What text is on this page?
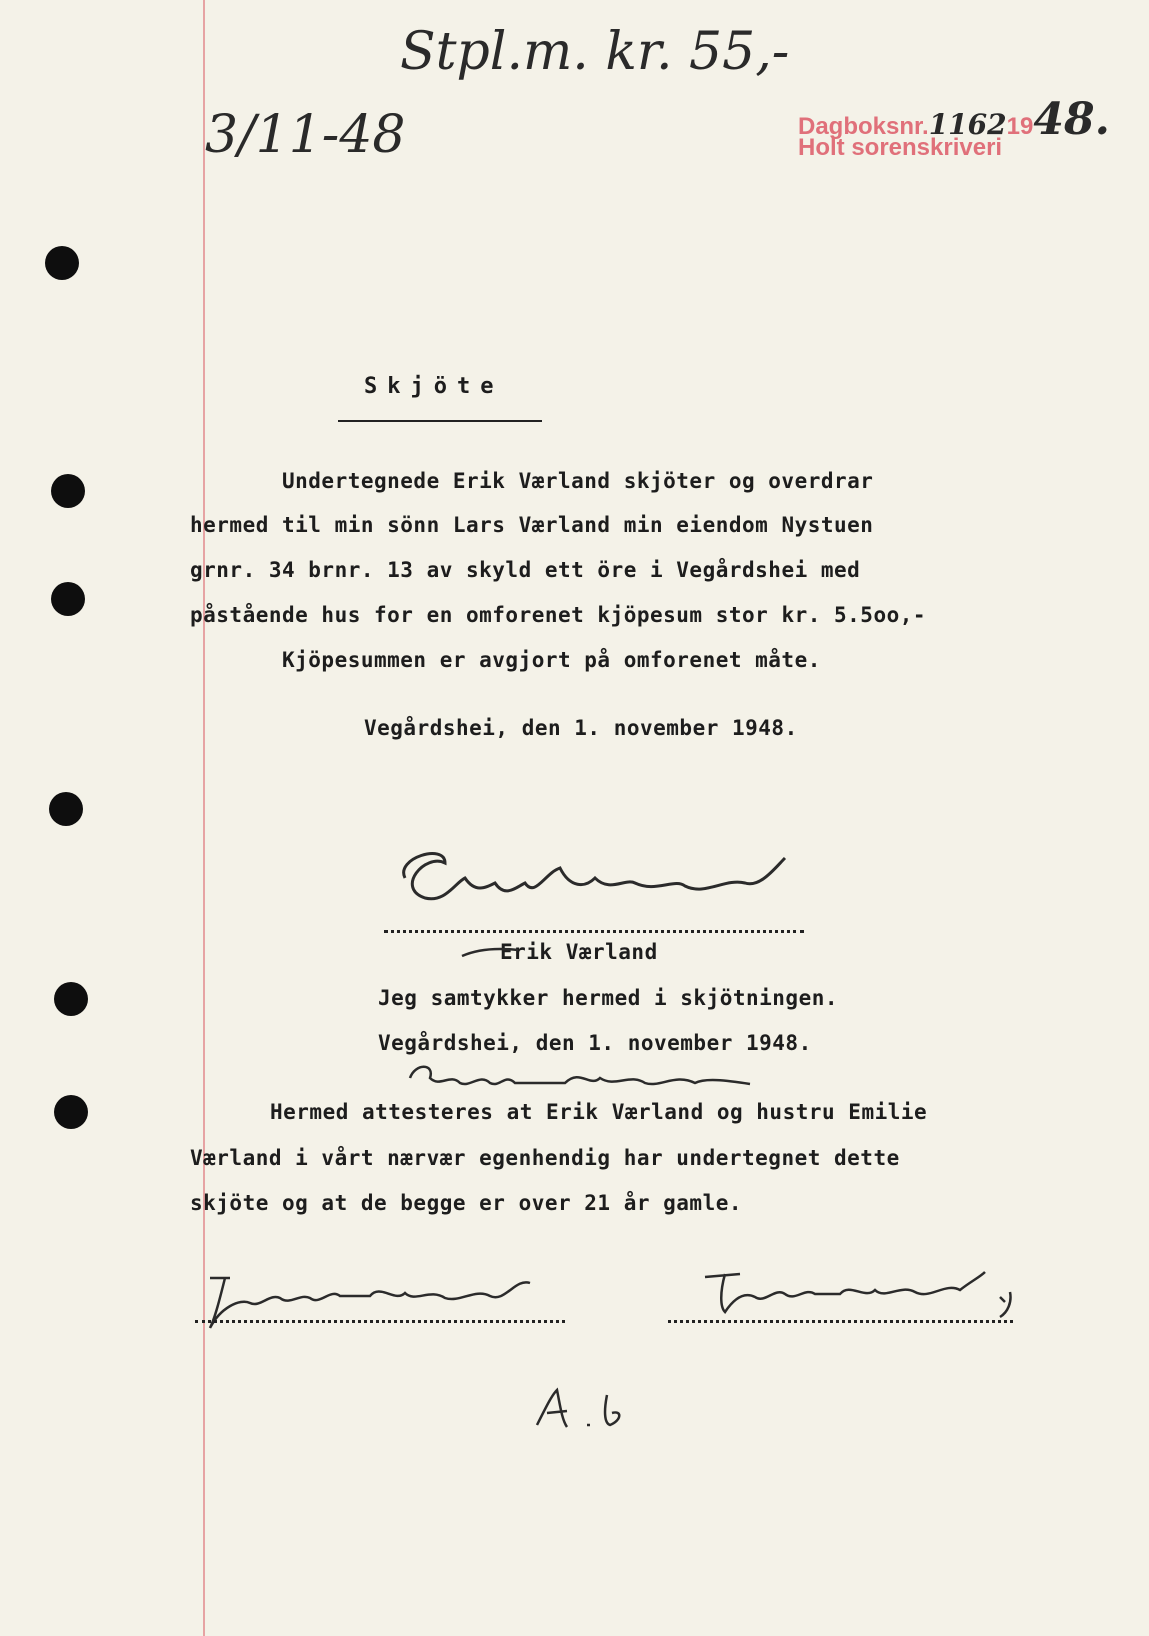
Stpl.m. kr. 55,-
3/11-48	Dagboksnr.11621948.
Holt sorenskriveri
Skjöte
Undertegnede Erik Værland skjöter og overdrar
hermed til min sönn Lars Værland min eiendom Nystuen
grnr. 34 brnr. 13 av skyld ett öre i Vegårdshei med
påstående hus for en omforenet kjöpesum stor kr. 5.5oo,-
Kjöpesummen er avgjort på omforenet måte.
Vegårdshei, den 1. november 1948.
Erik Værland
Jeg samtykker hermed i skjötningen.
Vegårdshei, den 1. november 1948.
Hermed attesteres at Erik Værland og hustru Emilie
Værland i vårt nærvær egenhendig har undertegnet dette
skjöte og at de begge er over 21 år gamle.
